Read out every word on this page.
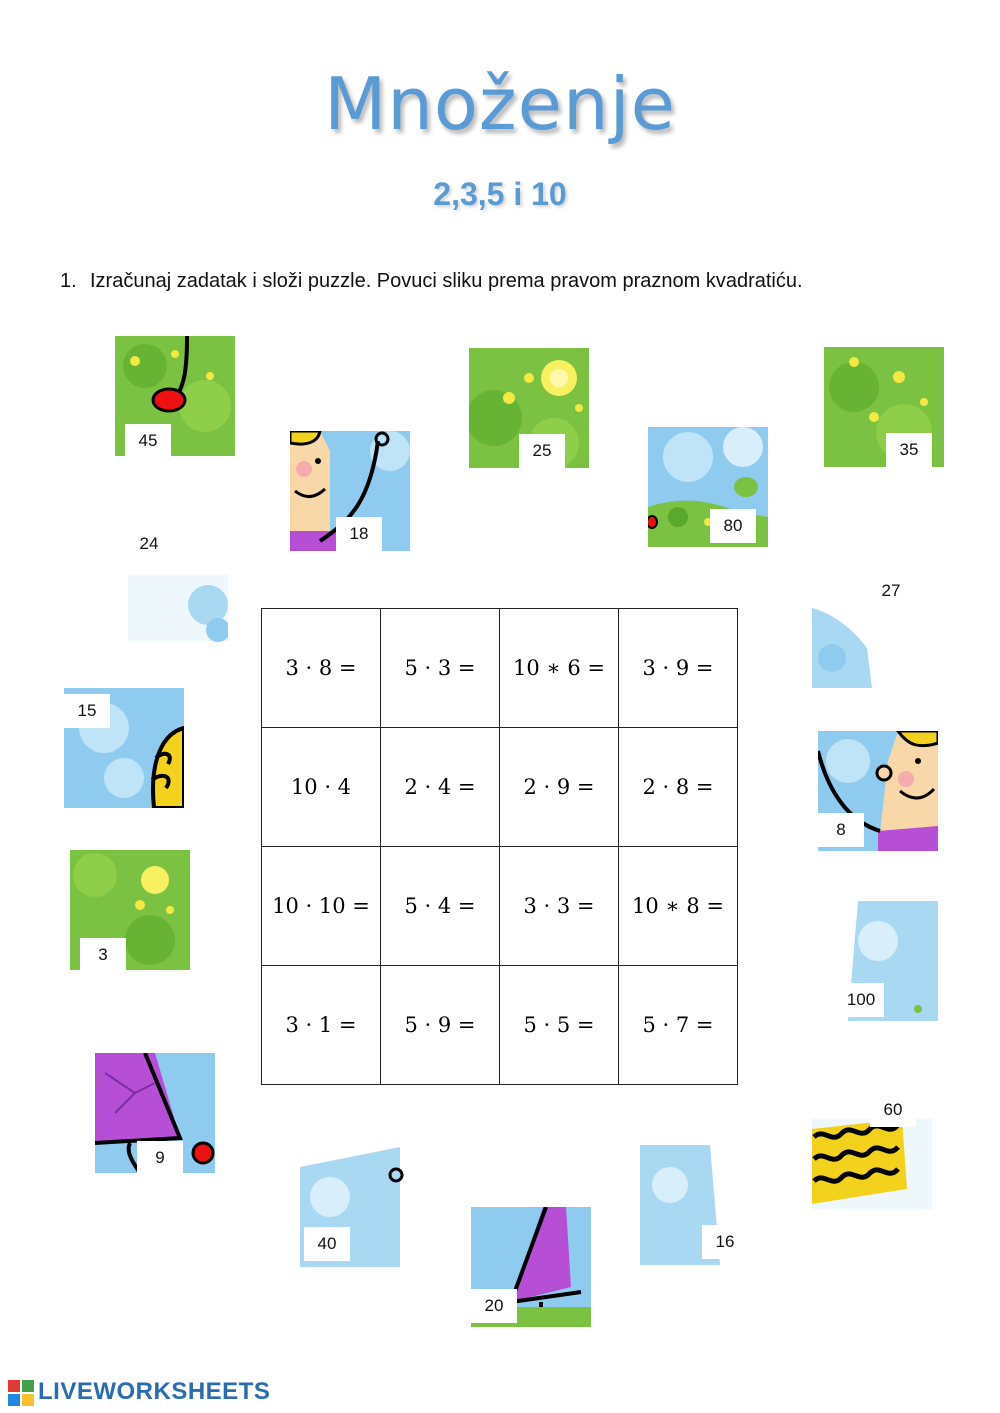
Množenje
2,3,5 i 10
1. Izračunaj zadatak i složi puzzle. Povuci sliku prema pravom praznom kvadratiću.
3 · 8 =	5 · 3 =	10 ∗ 6 =	3 · 9 =
10 · 4	2 · 4 =	2 · 9 =	2 · 8 =
10 · 10 =	5 · 4 =	3 · 3 =	10 ∗ 8 =
3 · 1 =	5 · 9 =	5 · 5 =	5 · 7 =
45
18
25
80
35
24
27
15
8
3
100
9
60
40
20
16
LIVEWORKSHEETS
